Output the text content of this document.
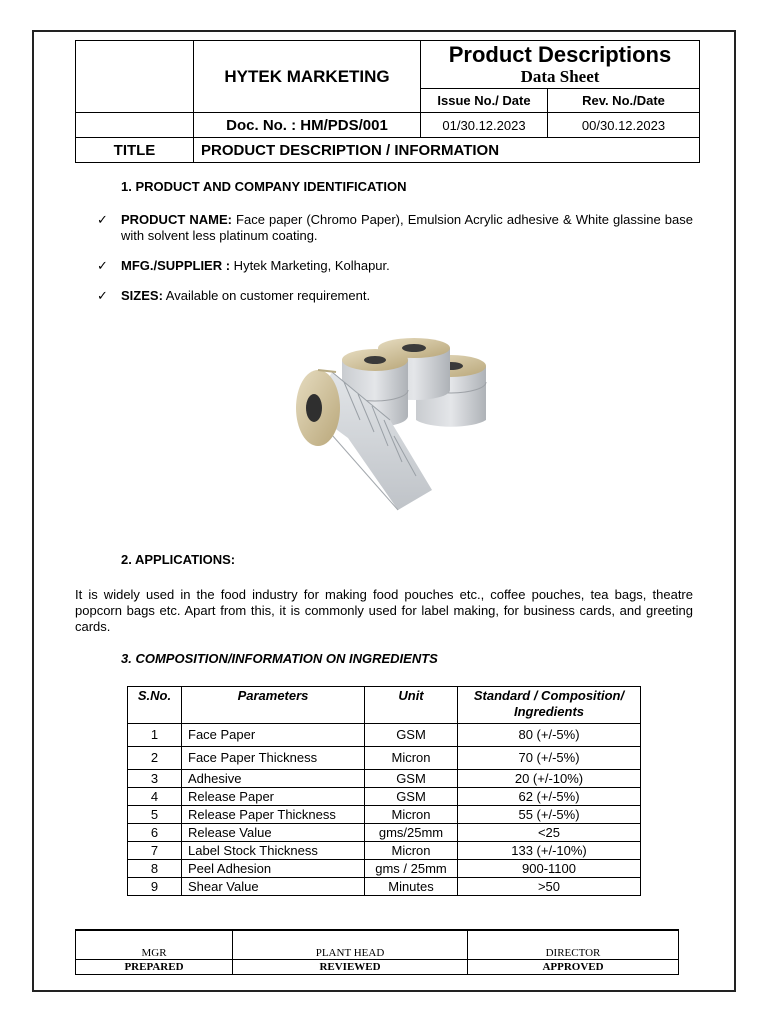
	HYTEK MARKETING	Product Descriptions
Data Sheet	

		Issue No./ Date	Rev. No./Date
	Doc. No. : HM/PDS/001	01/30.12.2023	00/30.12.2023
TITLE	PRODUCT DESCRIPTION / INFORMATION		
1. PRODUCT AND COMPANY IDENTIFICATION
✓ PRODUCT NAME: Face paper (Chromo Paper), Emulsion Acrylic adhesive & White glassine base with solvent less platinum coating.
✓ MFG./SUPPLIER : Hytek Marketing, Kolhapur.
✓ SIZES: Available on customer requirement.
2. APPLICATIONS:
It is widely used in the food industry for making food pouches etc., coffee pouches, tea bags, theatre popcorn bags etc. Apart from this, it is commonly used for label making, for business cards, and greeting cards.
3. COMPOSITION/INFORMATION ON INGREDIENTS
S.No.	Parameters	Unit	Standard / Composition/ Ingredients
1	Face Paper	GSM	80 (+/-5%)
2	Face Paper Thickness	Micron	70 (+/-5%)
3	Adhesive	GSM	20 (+/-10%)
4	Release Paper	GSM	62 (+/-5%)
5	Release Paper Thickness	Micron	55 (+/-5%)
6	Release Value	gms/25mm	<25
7	Label Stock Thickness	Micron	133 (+/-10%)
8	Peel Adhesion	gms / 25mm	900-1100
9	Shear Value	Minutes	>50
MGR	PLANT HEAD	DIRECTOR
PREPARED	REVIEWED	APPROVED
